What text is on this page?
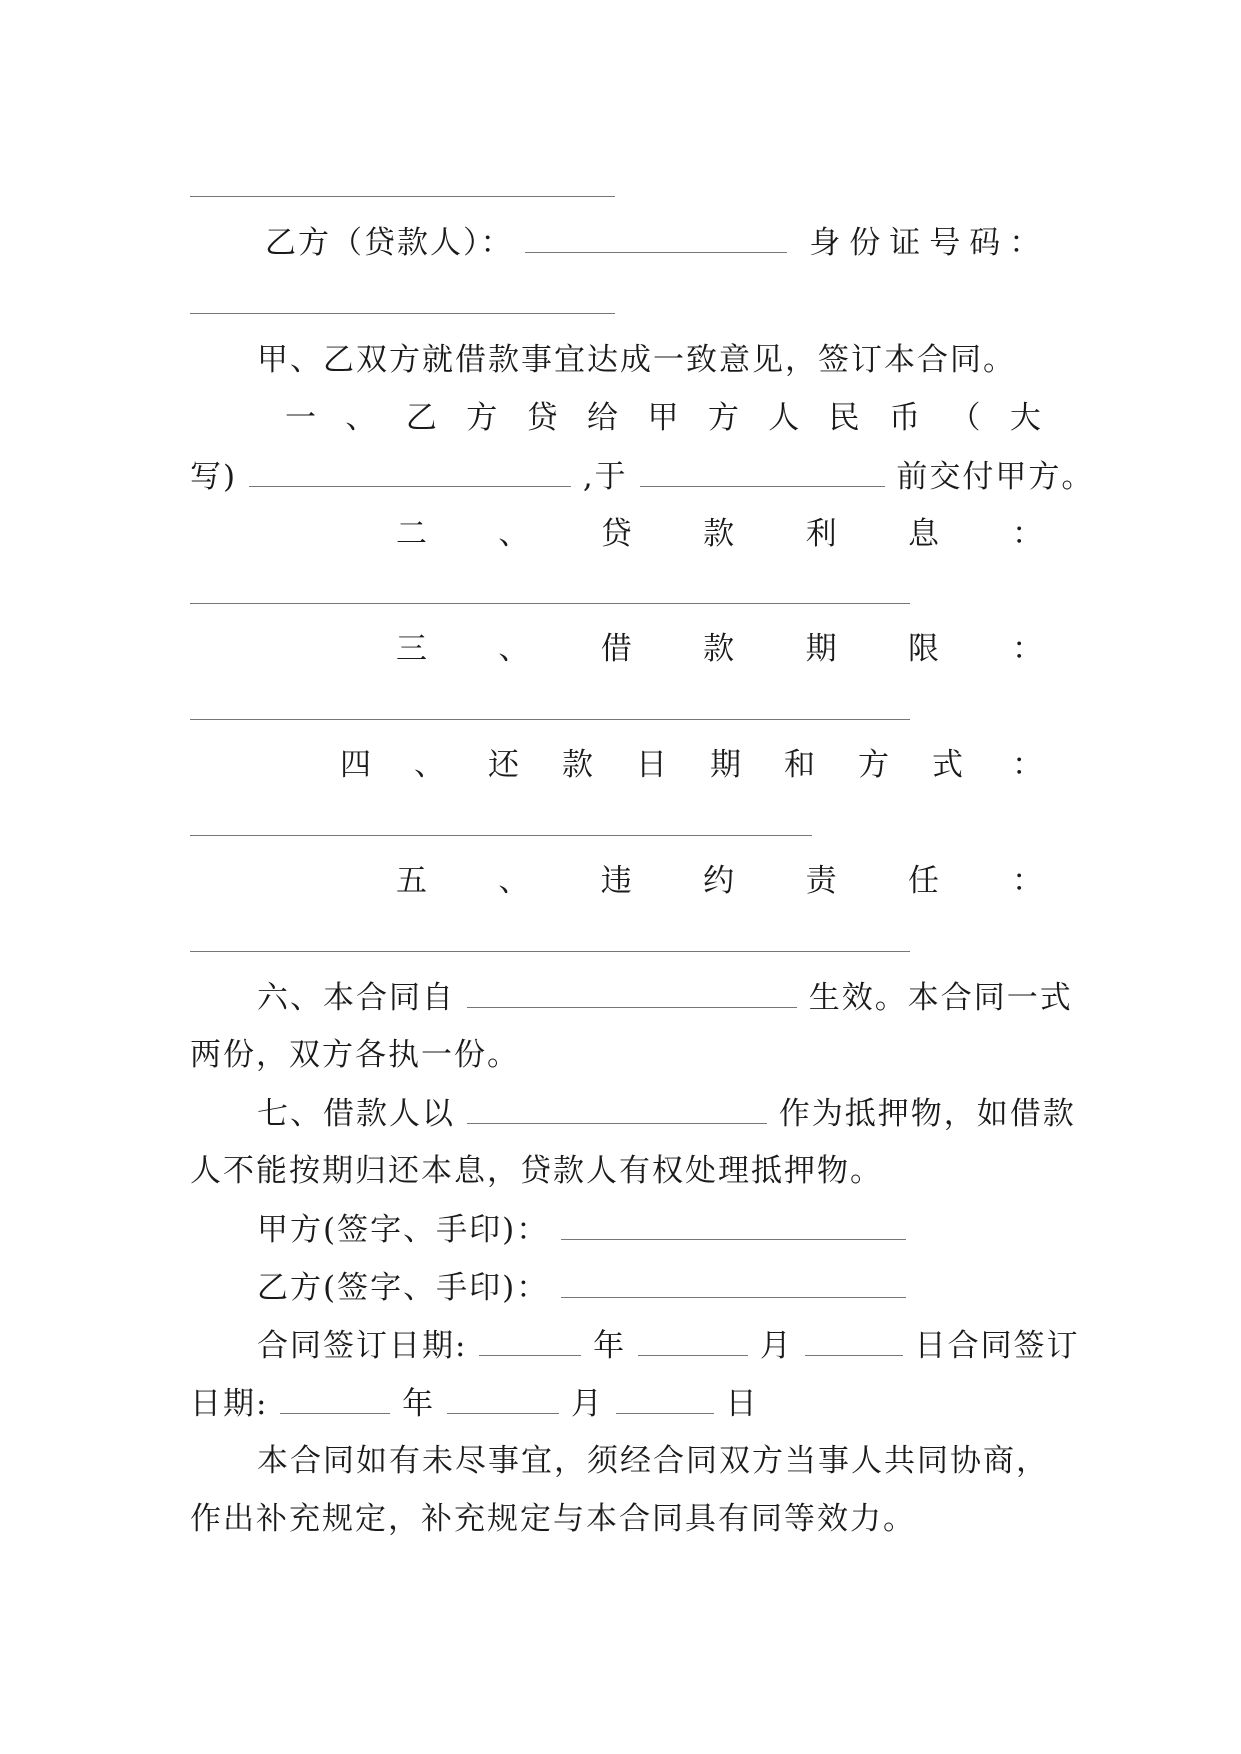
乙方（贷款人）：	身份证号码：
甲、乙双方就借款事宜达成一致意见，签订本合同。
一 、 乙 方 贷 给 甲 方 人 民 币 （ 大
写)	,于	前交付甲方。
二 、 贷 款 利 息 ：
三 、 借 款 期 限 ：
四 、 还 款 日 期 和 方 式 ：
五 、 违 约 责 任 ：
六、本合同自	生效。本合同一式
两份，双方各执一份。
七、借款人以	作为抵押物，如借款
人不能按期归还本息，贷款人有权处理抵押物。
甲方(签字、手印)：
乙方(签字、手印)：
合同签订日期:	年	月	日合同签订
日期:	年	月	日
本合同如有未尽事宜，须经合同双方当事人共同协商，
作出补充规定，补充规定与本合同具有同等效力。
